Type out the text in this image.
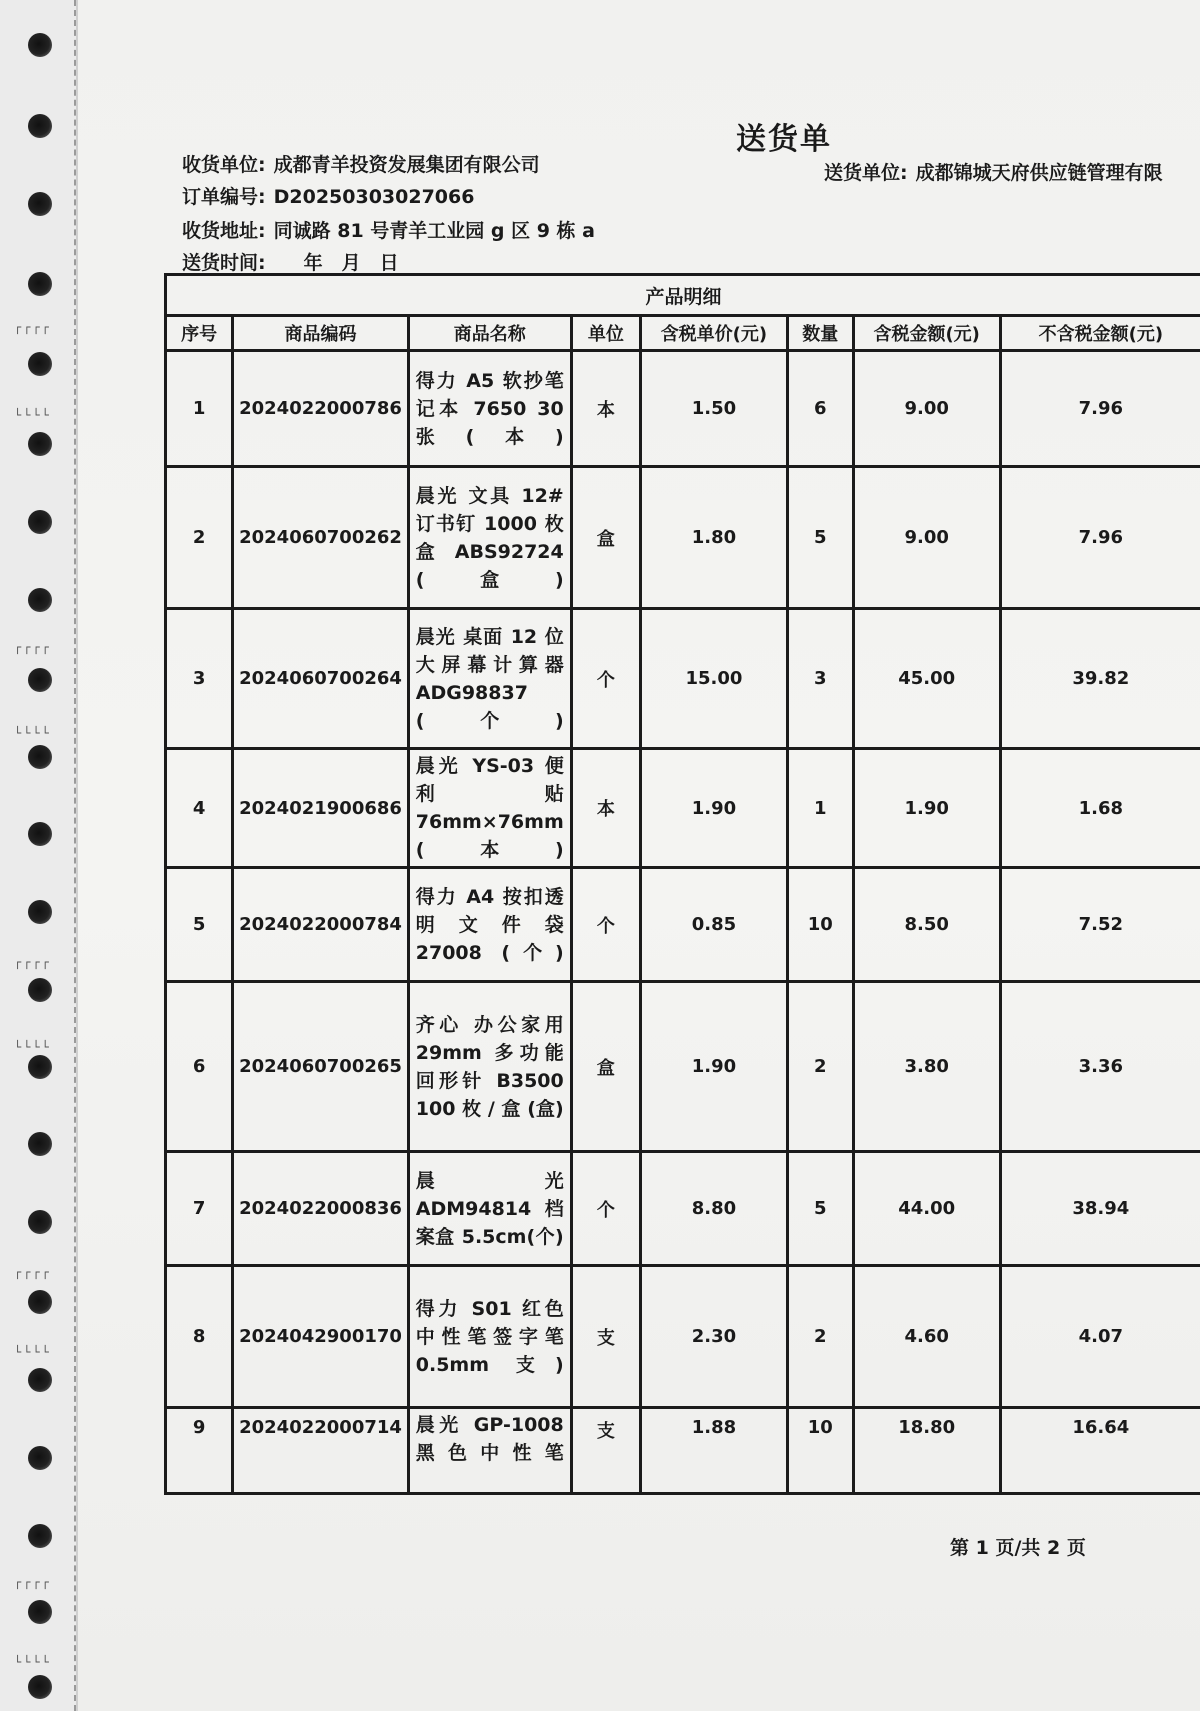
┌┌┌┌
└└└└
┌┌┌┌
└└└└
┌┌┌┌
└└└└
┌┌┌┌
└└└└
┌┌┌┌
└└└└
送货单
收货单位: 成都青羊投资发展集团有限公司	送货单位: 成都锦城天府供应链管理有限
订单编号: D20250303027066
收货地址: 同诚路 81 号青羊工业园 g 区 9 栋 a
送货时间: 年　月　日
产品明细							
序号	商品编码	商品名称	单位	含税单价(元)	数量	含税金额(元)	不含税金额(元)
1	2024022000786	得力 A5 软抄笔记本 7650 30张(本)	本	1.50	6	9.00	7.96
2	2024060700262	晨光 文具 12# 订书钉 1000 枚盒 ABS92724 (盒)	盒	1.80	5	9.00	7.96
3	2024060700264	晨光 桌面 12 位大屏幕计算器 ADG98837 (个)	个	15.00	3	45.00	39.82
4	2024021900686	晨光 YS-03 便利贴 76mm×76mm (本)	本	1.90	1	1.90	1.68
5	2024022000784	得力 A4 按扣透明文件袋 27008 (个)	个	0.85	10	8.50	7.52
6	2024060700265	齐心 办公家用 29mm 多功能回形针 B3500 100 枚 / 盒 (盒)	盒	1.90	2	3.80	3.36
7	2024022000836	晨光 ADM94814 档案盒 5.5cm(个)	个	8.80	5	44.00	38.94
8	2024042900170	得力 S01 红色中性笔签字笔 0.5mm 支)	支	2.30	2	4.60	4.07
9	2024022000714	晨光 GP-1008 黑色中性笔	支	1.88	10	18.80	16.64
第 1 页/共 2 页
